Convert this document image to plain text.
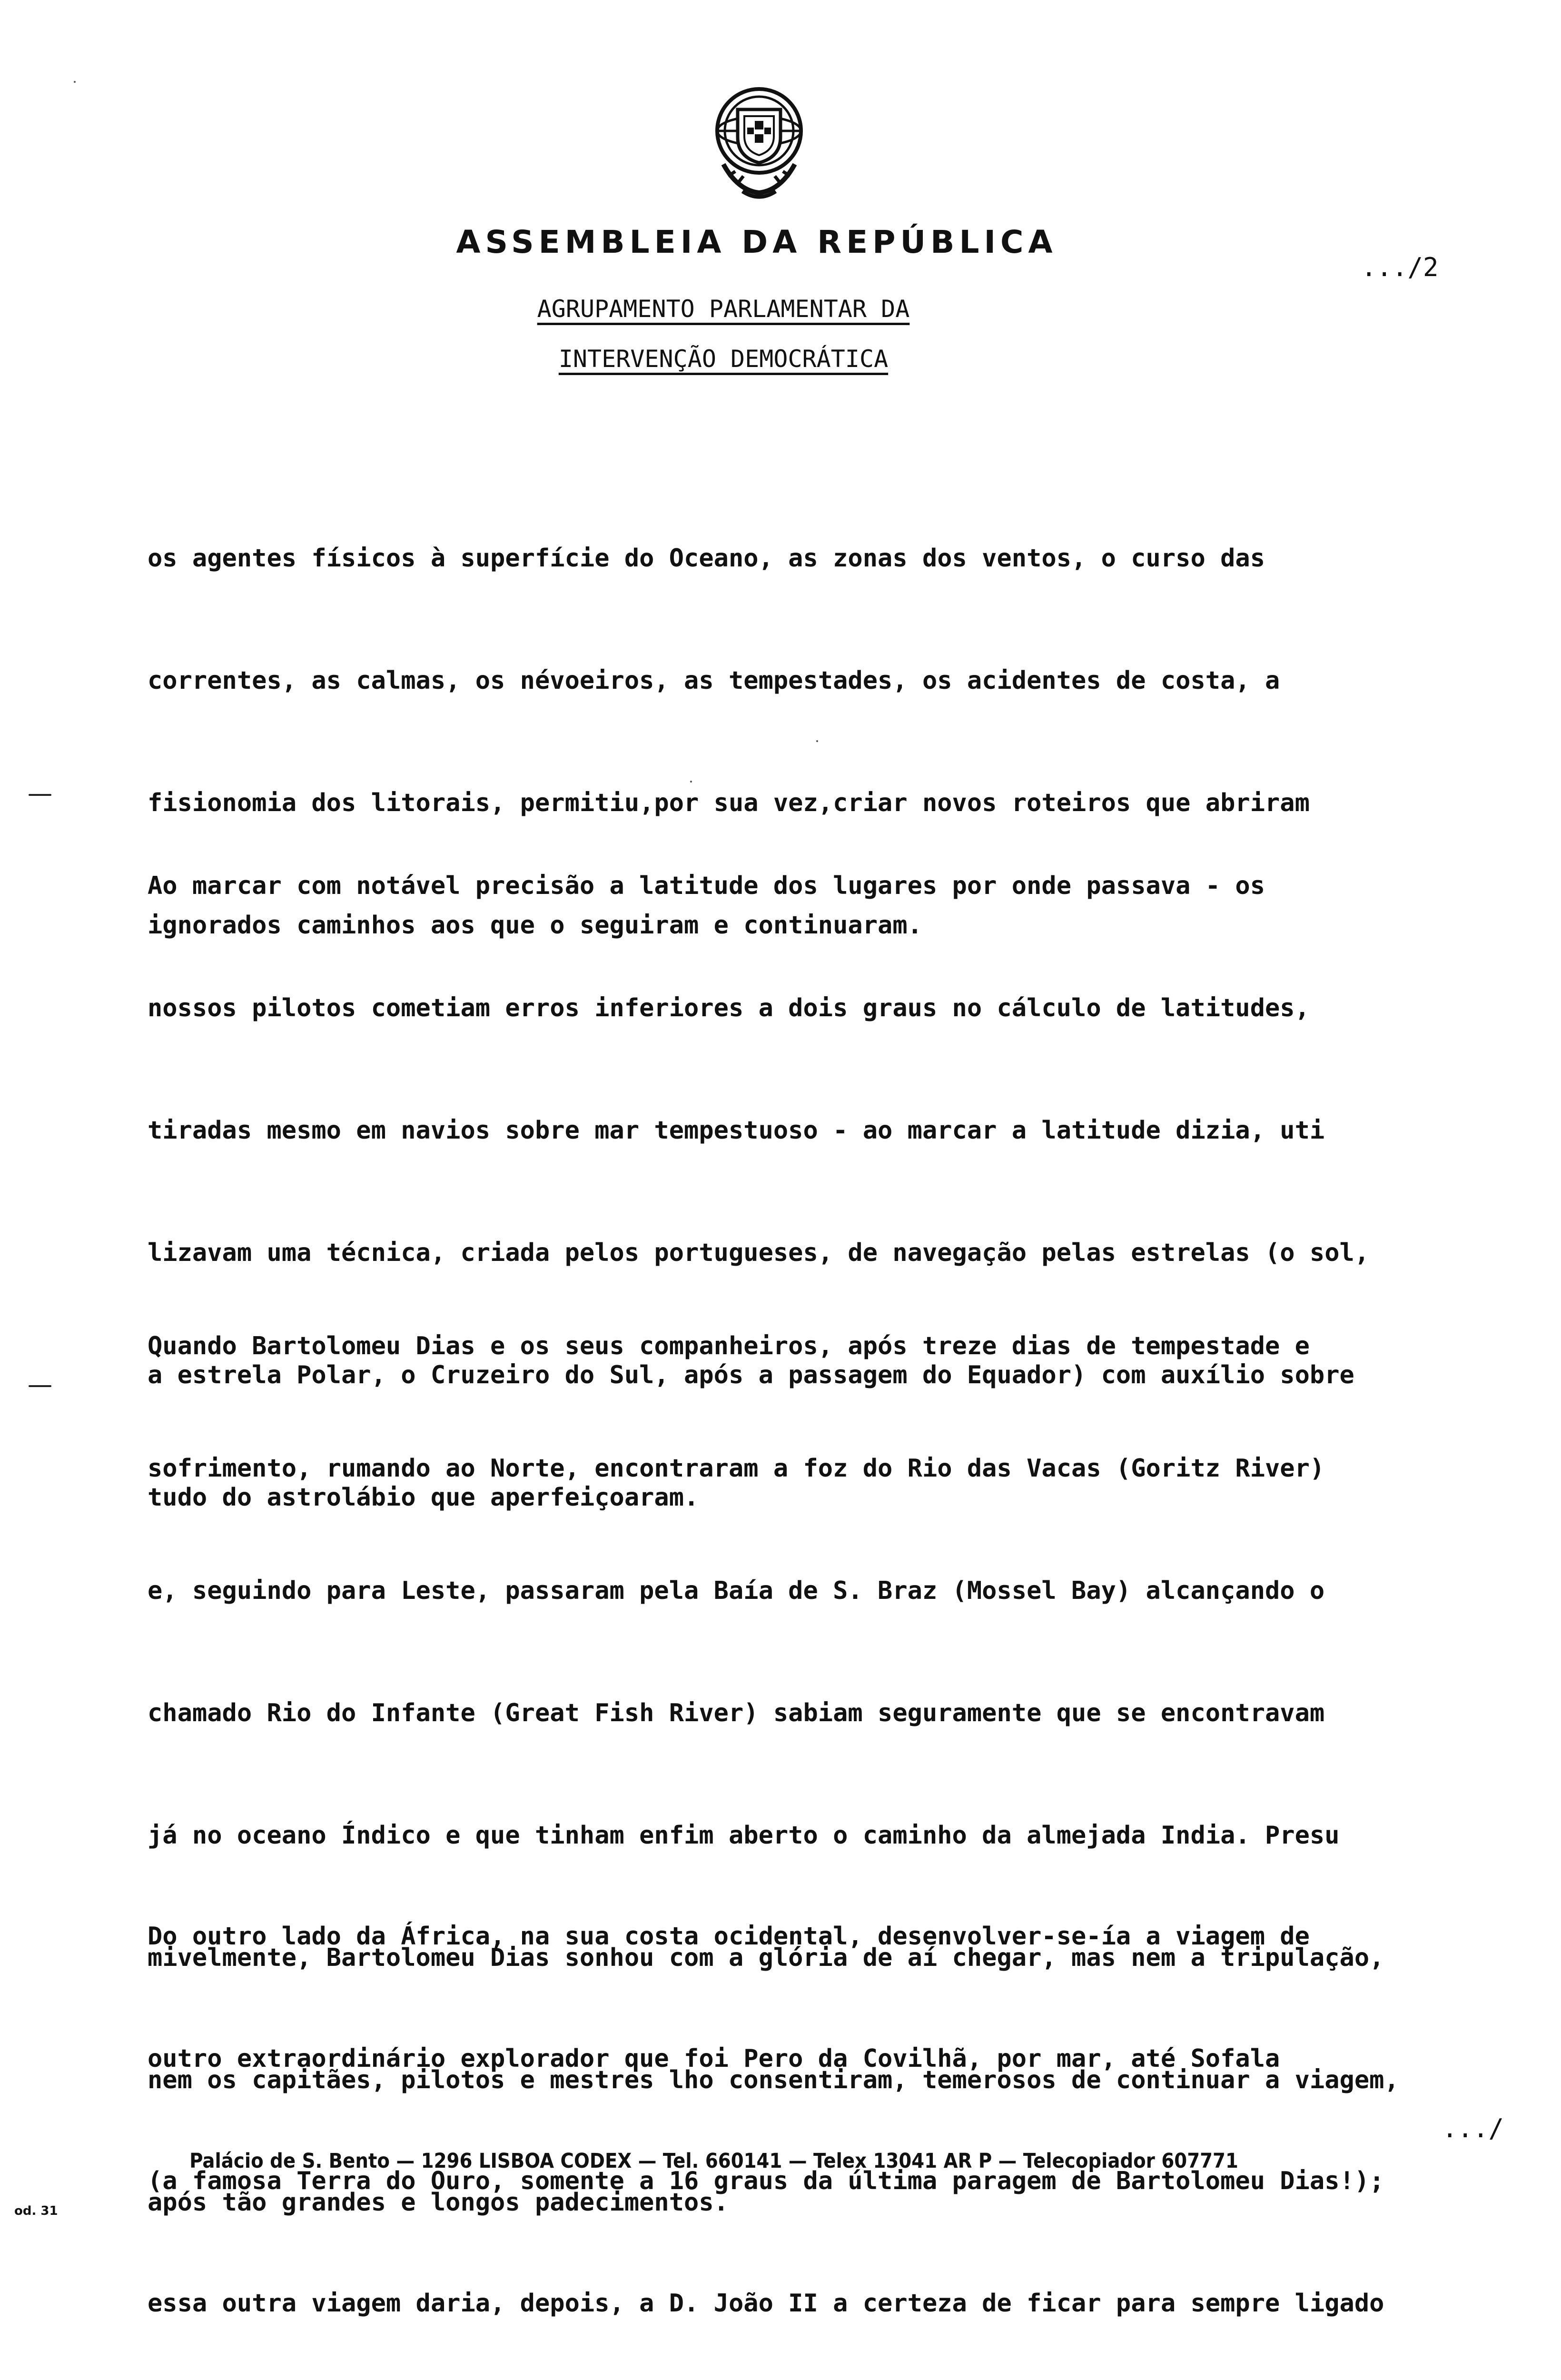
ASSEMBLEIA DA REPÚBLICA
.../2
AGRUPAMENTO PARLAMENTAR DA
INTERVENÇÃO DEMOCRÁTICA

os agentes físicos à superfície do Oceano, as zonas dos ventos, o curso das

correntes, as calmas, os névoeiros, as tempestades, os acidentes de costa, a

fisionomia dos litorais, permitiu,por sua vez,criar novos roteiros que abriram

ignorados caminhos aos que o seguiram e continuaram.

Ao marcar com notável precisão a latitude dos lugares por onde passava - os

nossos pilotos cometiam erros inferiores a dois graus no cálculo de latitudes,

tiradas mesmo em navios sobre mar tempestuoso - ao marcar a latitude dizia, uti

lizavam uma técnica, criada pelos portugueses, de navegação pelas estrelas (o sol,

a estrela Polar, o Cruzeiro do Sul, após a passagem do Equador) com auxílio sobre

tudo do astrolábio que aperfeiçoaram.

Quando Bartolomeu Dias e os seus companheiros, após treze dias de tempestade e

sofrimento, rumando ao Norte, encontraram a foz do Rio das Vacas (Goritz River)

e, seguindo para Leste, passaram pela Baía de S. Braz (Mossel Bay) alcançando o

chamado Rio do Infante (Great Fish River) sabiam seguramente que se encontravam

já no oceano Índico e que tinham enfim aberto o caminho da almejada India. Presu

mivelmente, Bartolomeu Dias sonhou com a glória de aí chegar, mas nem a tripulação,

nem os capitães, pilotos e mestres lho consentiram, temerosos de continuar a viagem,

após tão grandes e longos padecimentos.

Do outro lado da África, na sua costa ocidental, desenvolver-se-ía a viagem de

outro extraordinário explorador que foi Pero da Covilhã, por mar, até Sofala

(a famosa Terra do Ouro, somente a 16 graus da última paragem de Bartolomeu Dias!);

essa outra viagem daria, depois, a D. João II a certeza de ficar para sempre ligado

.../
Palácio de S. Bento — 1296 LISBOA CODEX — Tel. 660141 — Telex 13041 AR P — Telecopiador 607771
od. 31
